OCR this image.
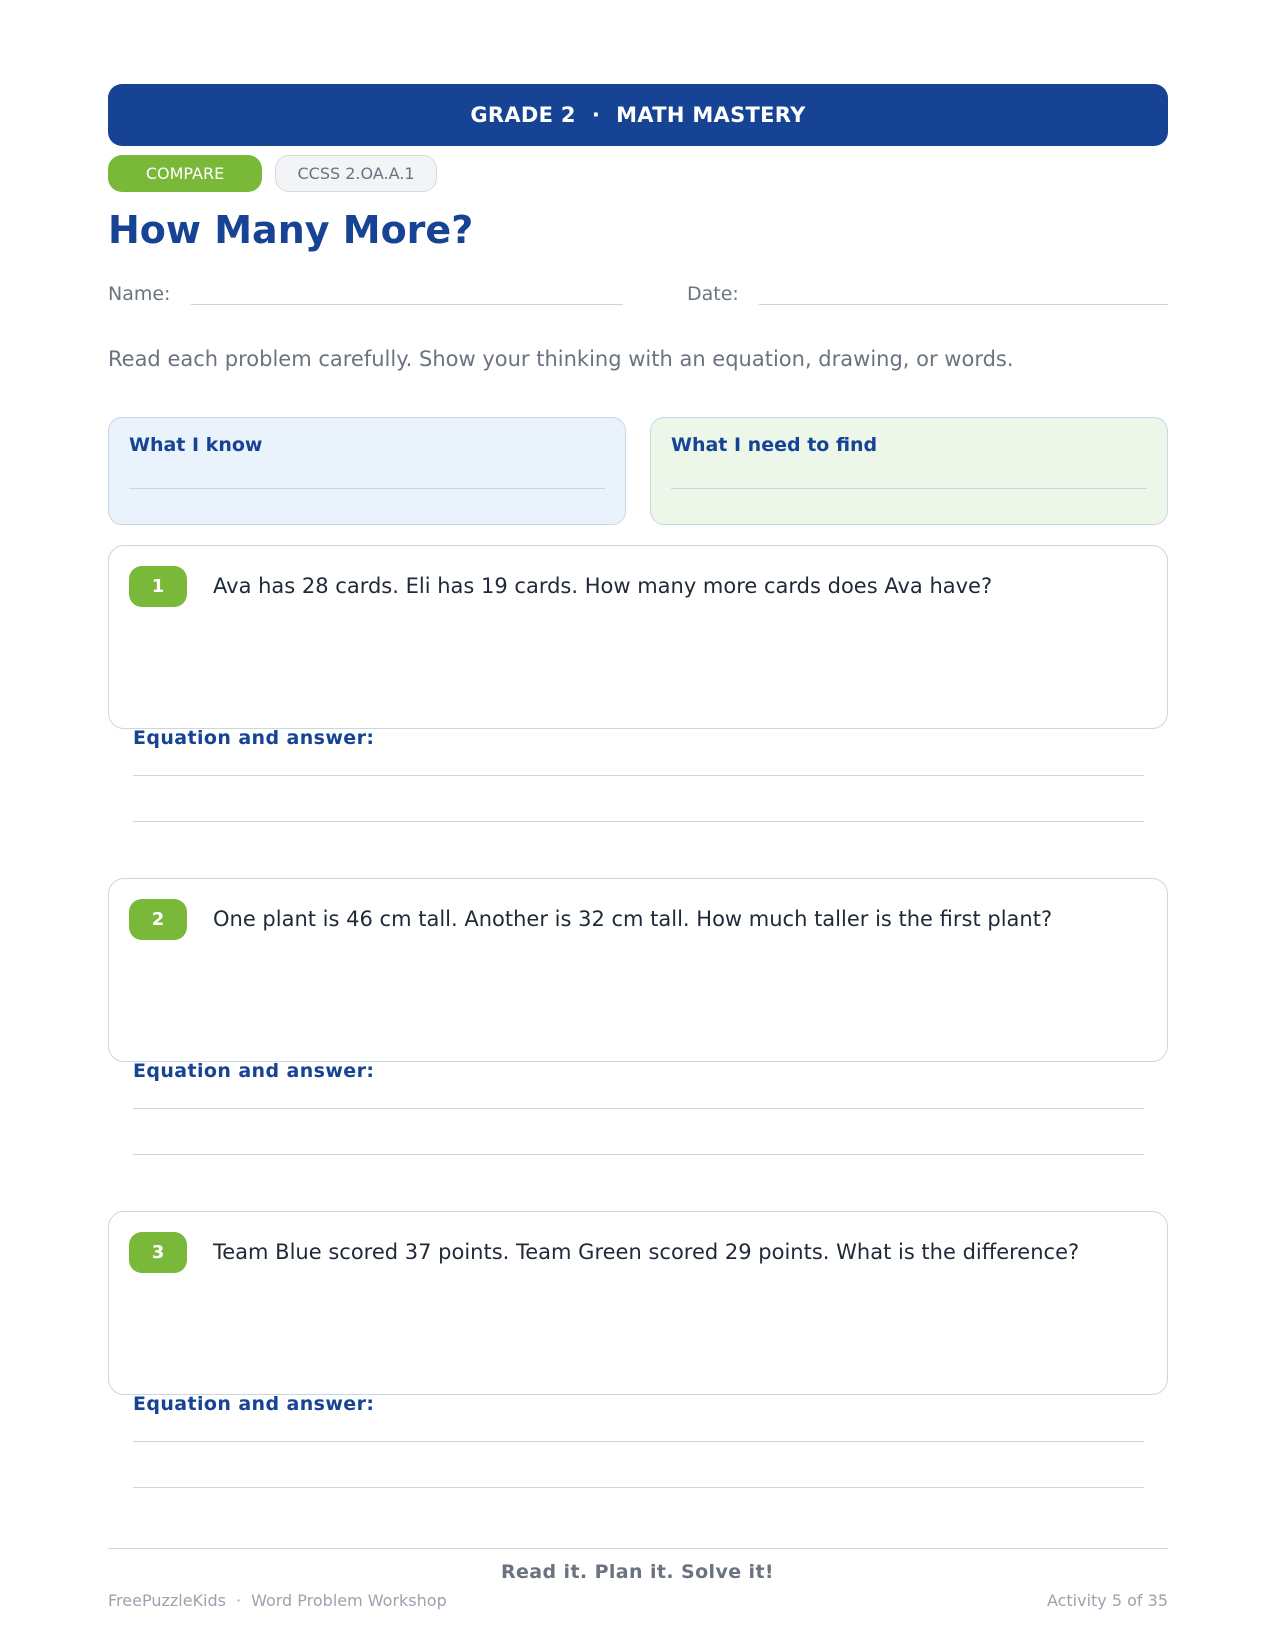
GRADE 2 · MATH MASTERY
COMPARE	CCSS 2.OA.A.1
How Many More?
Name:	Date:

Read each problem carefully. Show your thinking with an equation, drawing, or words.

What I know	What I need to find
1	Ava has 28 cards. Eli has 19 cards. How many more cards does Ava have?
Equation and answer:
2	One plant is 46 cm tall. Another is 32 cm tall. How much taller is the first plant?
Equation and answer:
3	Team Blue scored 37 points. Team Green scored 29 points. What is the difference?
Equation and answer:
Read it. Plan it. Solve it!
FreePuzzleKids · Word Problem Workshop	Activity 5 of 35
